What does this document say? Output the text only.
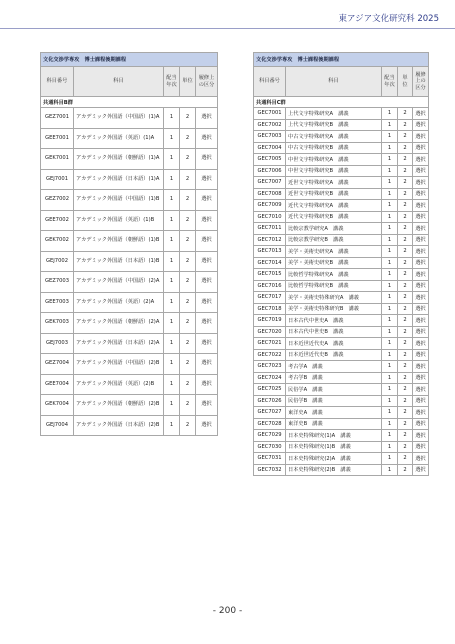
東アジア文化研究科 2025
文化交渉学専攻　博士課程後期課程				
科目番号	科目	配当年次	単位	履修上の区分
共通科目B群				
GEZ7001	アカデミック外国語（中国語）(1)A	1	2	選択
GEE7001	アカデミック外国語（英語）(1)A	1	2	選択
GEK7001	アカデミック外国語（朝鮮語）(1)A	1	2	選択
GEJ7001	アカデミック外国語（日本語）(1)A	1	2	選択
GEZ7002	アカデミック外国語（中国語）(1)B	1	2	選択
GEE7002	アカデミック外国語（英語）(1)B	1	2	選択
GEK7002	アカデミック外国語（朝鮮語）(1)B	1	2	選択
GEJ7002	アカデミック外国語（日本語）(1)B	1	2	選択
GEZ7003	アカデミック外国語（中国語）(2)A	1	2	選択
GEE7003	アカデミック外国語（英語）(2)A	1	2	選択
GEK7003	アカデミック外国語（朝鮮語）(2)A	1	2	選択
GEJ7003	アカデミック外国語（日本語）(2)A	1	2	選択
GEZ7004	アカデミック外国語（中国語）(2)B	1	2	選択
GEE7004	アカデミック外国語（英語）(2)B	1	2	選択
GEK7004	アカデミック外国語（朝鮮語）(2)B	1	2	選択
GEJ7004	アカデミック外国語（日本語）(2)B	1	2	選択
文化交渉学専攻　博士課程後期課程				
科目番号	科目	配当年次	単位	履修上の区分
共通科目C群				
GEC7001	上代文字特殊研究A　講義	1	2	選択
GEC7002	上代文字特殊研究B　講義	1	2	選択
GEC7003	中古文字特殊研究A　講義	1	2	選択
GEC7004	中古文字特殊研究B　講義	1	2	選択
GEC7005	中世文字特殊研究A　講義	1	2	選択
GEC7006	中世文字特殊研究B　講義	1	2	選択
GEC7007	近世文字特殊研究A　講義	1	2	選択
GEC7008	近世文字特殊研究B　講義	1	2	選択
GEC7009	近代文字特殊研究A　講義	1	2	選択
GEC7010	近代文字特殊研究B　講義	1	2	選択
GEC7011	比較宗教学研究A　講義	1	2	選択
GEC7012	比較宗教学研究B　講義	1	2	選択
GEC7013	美学・美術史研究A　講義	1	2	選択
GEC7014	美学・美術史研究B　講義	1	2	選択
GEC7015	比較哲学特殊研究A　講義	1	2	選択
GEC7016	比較哲学特殊研究B　講義	1	2	選択
GEC7017	美学・美術史特殊研究A　講義	1	2	選択
GEC7018	美学・美術史特殊研究B　講義	1	2	選択
GEC7019	日本古代中世史A　講義	1	2	選択
GEC7020	日本古代中世史B　講義	1	2	選択
GEC7021	日本近世近代史A　講義	1	2	選択
GEC7022	日本近世近代史B　講義	1	2	選択
GEC7023	考古学A　講義	1	2	選択
GEC7024	考古学B　講義	1	2	選択
GEC7025	民俗学A　講義	1	2	選択
GEC7026	民俗学B　講義	1	2	選択
GEC7027	東洋史A　講義	1	2	選択
GEC7028	東洋史B　講義	1	2	選択
GEC7029	日本史特殊研究(1)A　講義	1	2	選択
GEC7030	日本史特殊研究(1)B　講義	1	2	選択
GEC7031	日本史特殊研究(2)A　講義	1	2	選択
GEC7032	日本史特殊研究(2)B　講義	1	2	選択
- 200 -
